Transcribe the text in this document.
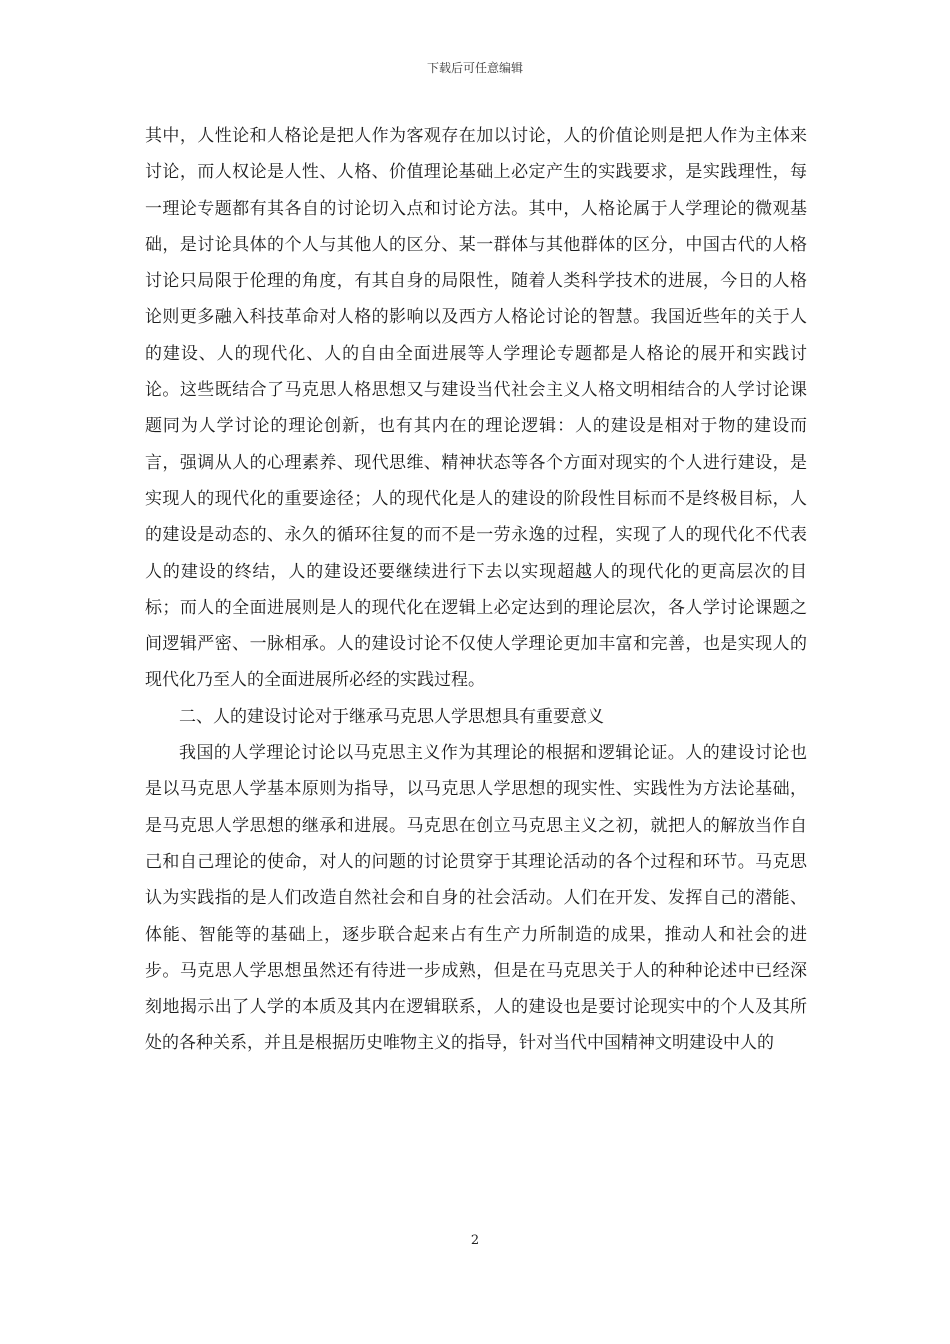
下载后可任意编辑

其中，人性论和人格论是把人作为客观存在加以讨论，人的价值论则是把人作为主体来讨论，而人权论是人性、人格、价值理论基础上必定产生的实践要求，是实践理性，每一理论专题都有其各自的讨论切入点和讨论方法。其中，人格论属于人学理论的微观基础，是讨论具体的个人与其他人的区分、某一群体与其他群体的区分，中国古代的人格讨论只局限于伦理的角度，有其自身的局限性，随着人类科学技术的进展，今日的人格论则更多融入科技革命对人格的影响以及西方人格论讨论的智慧。我国近些年的关于人的建设、人的现代化、人的自由全面进展等人学理论专题都是人格论的展开和实践讨论。这些既结合了马克思人格思想又与建设当代社会主义人格文明相结合的人学讨论课题同为人学讨论的理论创新，也有其内在的理论逻辑：人的建设是相对于物的建设而言，强调从人的心理素养、现代思维、精神状态等各个方面对现实的个人进行建设，是实现人的现代化的重要途径；人的现代化是人的建设的阶段性目标而不是终极目标，人的建设是动态的、永久的循环往复的而不是一劳永逸的过程，实现了人的现代化不代表人的建设的终结，人的建设还要继续进行下去以实现超越人的现代化的更高层次的目标；而人的全面进展则是人的现代化在逻辑上必定达到的理论层次，各人学讨论课题之间逻辑严密、一脉相承。人的建设讨论不仅使人学理论更加丰富和完善，也是实现人的现代化乃至人的全面进展所必经的实践过程。

二、人的建设讨论对于继承马克思人学思想具有重要意义

我国的人学理论讨论以马克思主义作为其理论的根据和逻辑论证。人的建设讨论也是以马克思人学基本原则为指导，以马克思人学思想的现实性、实践性为方法论基础，是马克思人学思想的继承和进展。马克思在创立马克思主义之初，就把人的解放当作自己和自己理论的使命，对人的问题的讨论贯穿于其理论活动的各个过程和环节。马克思认为实践指的是人们改造自然社会和自身的社会活动。人们在开发、发挥自己的潜能、体能、智能等的基础上，逐步联合起来占有生产力所制造的成果，推动人和社会的进步。马克思人学思想虽然还有待进一步成熟，但是在马克思关于人的种种论述中已经深刻地揭示出了人学的本质及其内在逻辑联系，人的建设也是要讨论现实中的个人及其所处的各种关系，并且是根据历史唯物主义的指导，针对当代中国精神文明建设中人的

2
